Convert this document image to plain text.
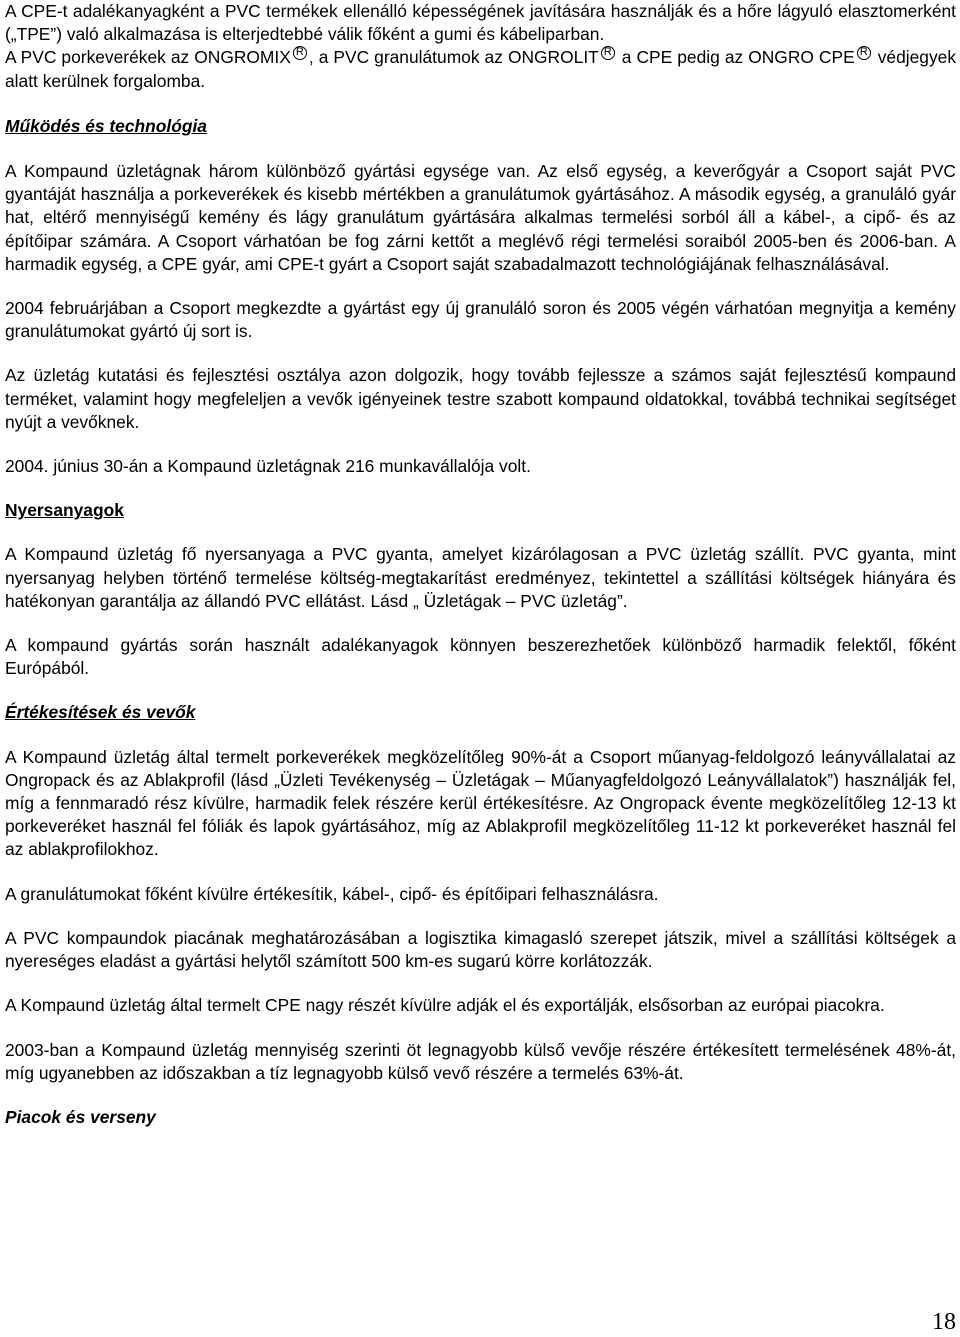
A CPE-t adalékanyagként a PVC termékek ellenálló képességének javítására használják és a hőre lágyuló elasztomerként („TPE”) való alkalmazása is elterjedtebbé válik főként a gumi és kábeliparban.

A PVC porkeverékek az ONGROMIX R , a PVC granulátumok az ONGROLIT R a CPE pedig az ONGRO CPE R védjegyek alatt kerülnek forgalomba.

Működés és technológia

A Kompaund üzletágnak három különböző gyártási egysége van. Az első egység, a keverőgyár a Csoport saját PVC gyantáját használja a porkeverékek és kisebb mértékben a granulátumok gyártásához. A második egység, a granuláló gyár hat, eltérő mennyiségű kemény és lágy granulátum gyártására alkalmas termelési sorból áll a kábel-, a cipő- és az építőipar számára. A Csoport várhatóan be fog zárni kettőt a meglévő régi termelési soraiból 2005-ben és 2006-ban. A harmadik egység, a CPE gyár, ami CPE-t gyárt a Csoport saját szabadalmazott technológiájának felhasználásával.

2004 februárjában a Csoport megkezdte a gyártást egy új granuláló soron és 2005 végén várhatóan megnyitja a kemény granulátumokat gyártó új sort is.

Az üzletág kutatási és fejlesztési osztálya azon dolgozik, hogy tovább fejlessze a számos saját fejlesztésű kompaund terméket, valamint hogy megfeleljen a vevők igényeinek testre szabott kompaund oldatokkal, továbbá technikai segítséget nyújt a vevőknek.

2004. június 30-án a Kompaund üzletágnak 216 munkavállalója volt.

Nyersanyagok

A Kompaund üzletág fő nyersanyaga a PVC gyanta, amelyet kizárólagosan a PVC üzletág szállít. PVC gyanta, mint nyersanyag helyben történő termelése költség-megtakarítást eredményez, tekintettel a szállítási költségek hiányára és hatékonyan garantálja az állandó PVC ellátást. Lásd „ Üzletágak – PVC üzletág”.

A kompaund gyártás során használt adalékanyagok könnyen beszerezhetőek különböző harmadik felektől, főként Európából.

Értékesítések és vevők

A Kompaund üzletág által termelt porkeverékek megközelítőleg 90%-át a Csoport műanyag-feldolgozó leányvállalatai az Ongropack és az Ablakprofil (lásd „Üzleti Tevékenység – Üzletágak – Műanyagfeldolgozó Leányvállalatok”) használják fel, míg a fennmaradó rész kívülre, harmadik felek részére kerül értékesítésre. Az Ongropack évente megközelítőleg 12-13 kt porkeveréket használ fel fóliák és lapok gyártásához, míg az Ablakprofil megközelítőleg 11-12 kt porkeveréket használ fel az ablakprofilokhoz.

A granulátumokat főként kívülre értékesítik, kábel-, cipő- és építőipari felhasználásra.

A PVC kompaundok piacának meghatározásában a logisztika kimagasló szerepet játszik, mivel a szállítási költségek a nyereséges eladást a gyártási helytől számított 500 km-es sugarú körre korlátozzák.

A Kompaund üzletág által termelt CPE nagy részét kívülre adják el és exportálják, elsősorban az európai piacokra.

2003-ban a Kompaund üzletág mennyiség szerinti öt legnagyobb külső vevője részére értékesített termelésének 48%-át, míg ugyanebben az időszakban a tíz legnagyobb külső vevő részére a termelés 63%-át.

Piacok és verseny
18
